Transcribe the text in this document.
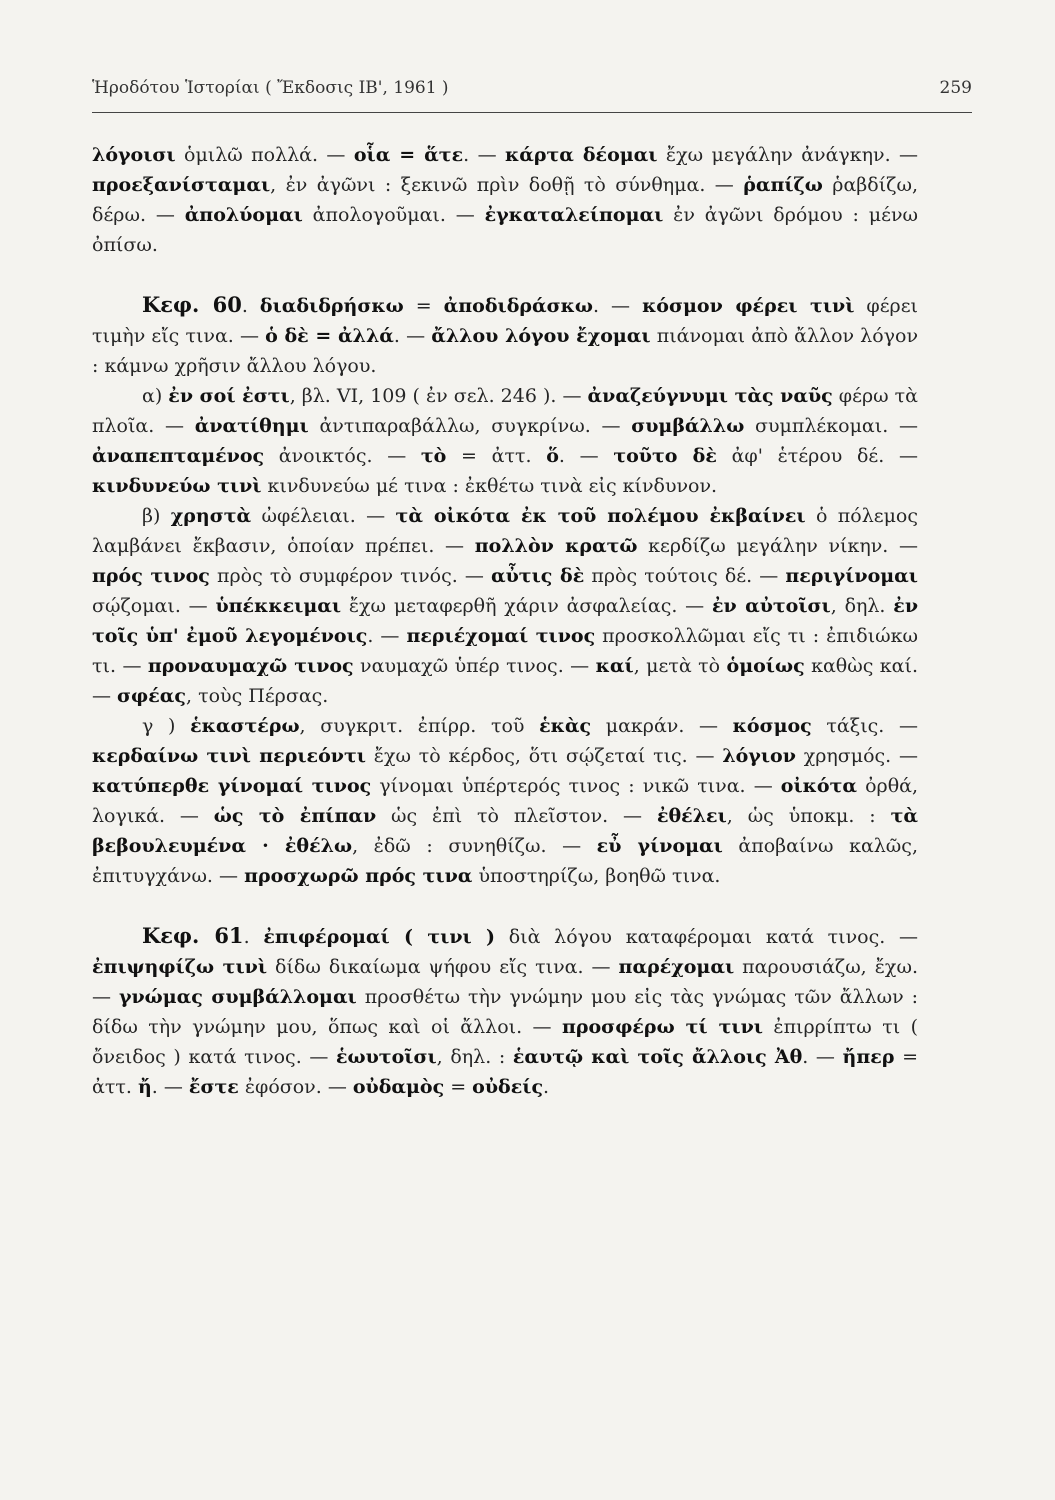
Ἡροδότου Ἱστορίαι ( Ἔκδοσις ΙΒ', 1961 )	259

λόγοισι ὁμιλῶ πολλά. — οἷα = ἅτε. — κάρτα δέομαι ἔχω μεγάλην ἀνάγκην. — προεξανίσταμαι, ἐν ἀγῶνι : ξεκινῶ πρὶν δοθῇ τὸ σύνθημα. — ῥαπίζω ῥαβδίζω, δέρω. — ἀπολύομαι ἀπολογοῦμαι. — ἐγκαταλείπομαι ἐν ἀγῶνι δρόμου : μένω ὀπίσω.

Κεφ. 60. διαδιδρήσκω = ἀποδιδράσκω. — κόσμον φέρει τινὶ φέρει τιμὴν εἴς τινα. — ὁ δὲ = ἀλλά. — ἄλλου λόγου ἔχομαι πιάνομαι ἀπὸ ἄλλον λόγον : κάμνω χρῆσιν ἄλλου λόγου.

α) ἐν σοί ἐστι, βλ. VI, 109 ( ἐν σελ. 246 ). — ἀναζεύγνυμι τὰς ναῦς φέρω τὰ πλοῖα. — ἀνατίθημι ἀντιπαραβάλλω, συγκρίνω. — συμβάλλω συμπλέκομαι. — ἀναπεπταμένος ἀνοικτός. — τὸ = ἀττ. ὅ. — τοῦτο δὲ ἀφ' ἑτέρου δέ. — κινδυνεύω τινὶ κινδυνεύω μέ τινα : ἐκθέτω τινὰ εἰς κίνδυνον.

β) χρηστὰ ὠφέλειαι. — τὰ οἰκότα ἐκ τοῦ πολέμου ἐκβαίνει ὁ πόλεμος λαμβάνει ἔκβασιν, ὁποίαν πρέπει. — πολλὸν κρατῶ κερδίζω μεγάλην νίκην. — πρός τινος πρὸς τὸ συμφέρον τινός. — αὖτις δὲ πρὸς τούτοις δέ. — περιγίνομαι σῴζομαι. — ὑπέκκειμαι ἔχω μεταφερθῆ χάριν ἀσφαλείας. — ἐν αὐτοῖσι, δηλ. ἐν τοῖς ὑπ' ἐμοῦ λεγομένοις. — περιέχομαί τινος προσκολλῶμαι εἴς τι : ἐπιδιώκω τι. — προναυμαχῶ τινος ναυμαχῶ ὑπέρ τινος. — καί, μετὰ τὸ ὁμοίως καθὼς καί. — σφέας, τοὺς Πέρσας.

γ ) ἑκαστέρω, συγκριτ. ἐπίρρ. τοῦ ἑκὰς μακράν. — κόσμος τάξις. — κερδαίνω τινὶ περιεόντι ἔχω τὸ κέρδος, ὅτι σῴζεταί τις. — λόγιον χρησμός. — κατύπερθε γίνομαί τινος γίνομαι ὑπέρτερός τινος : νικῶ τινα. — οἰκότα ὀρθά, λογικά. — ὡς τὸ ἐπίπαν ὡς ἐπὶ τὸ πλεῖστον. — ἐθέλει, ὡς ὑποκμ. : τὰ βεβουλευμένα · ἐθέλω, ἐδῶ : συνηθίζω. — εὖ γίνομαι ἀποβαίνω καλῶς, ἐπιτυγχάνω. — προσχωρῶ πρός τινα ὑποστηρίζω, βοηθῶ τινα.

Κεφ. 61. ἐπιφέρομαί ( τινι ) διὰ λόγου καταφέρομαι κατά τινος. — ἐπιψηφίζω τινὶ δίδω δικαίωμα ψήφου εἴς τινα. — παρέχομαι παρουσιάζω, ἔχω. — γνώμας συμβάλλομαι προσθέτω τὴν γνώμην μου εἰς τὰς γνώμας τῶν ἄλλων : δίδω τὴν γνώμην μου, ὅπως καὶ οἱ ἄλλοι. — προσφέρω τί τινι ἐπιρρίπτω τι ( ὄνειδος ) κατά τινος. — ἑωυτοῖσι, δηλ. : ἑαυτῷ καὶ τοῖς ἄλλοις Ἀθ. — ἤπερ = ἀττ. ἤ. — ἔστε ἐφόσον. — οὐδαμὸς = οὐδείς.
